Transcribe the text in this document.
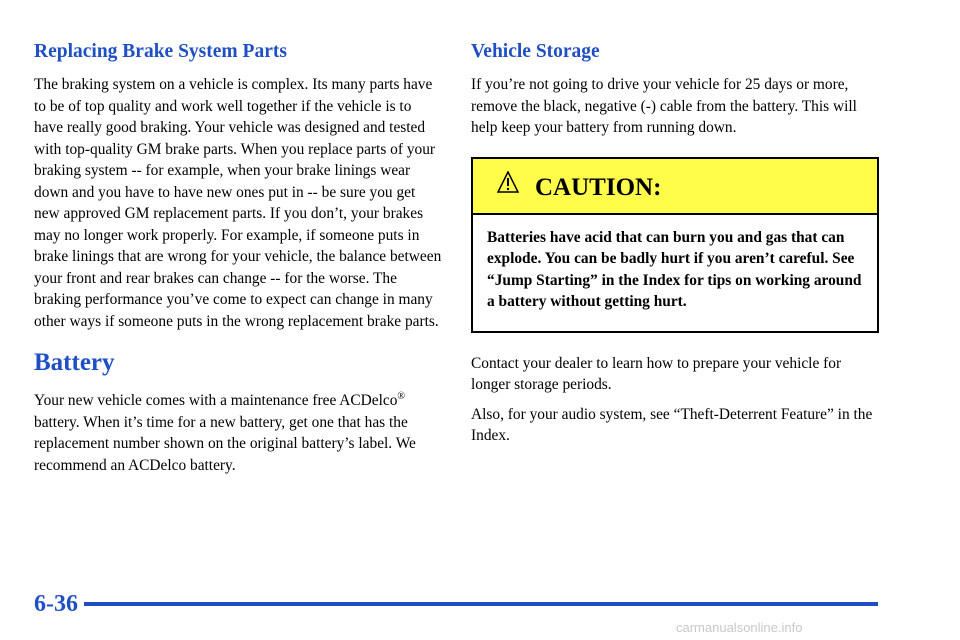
Replacing Brake System Parts

The braking system on a vehicle is complex. Its many parts have to be of top quality and work well together if the vehicle is to have really good braking. Your vehicle was designed and tested with top-quality GM brake parts. When you replace parts of your braking system -- for example, when your brake linings wear down and you have to have new ones put in -- be sure you get new approved GM replacement parts. If you don’t, your brakes may no longer work properly. For example, if someone puts in brake linings that are wrong for your vehicle, the balance between your front and rear brakes can change -- for the worse. The braking performance you’ve come to expect can change in many other ways if someone puts in the wrong replacement brake parts.

Battery

Your new vehicle comes with a maintenance free ACDelco® battery. When it’s time for a new battery, get one that has the replacement number shown on the original battery’s label. We recommend an ACDelco battery.

Vehicle Storage

If you’re not going to drive your vehicle for 25 days or more, remove the black, negative (-) cable from the battery. This will help keep your battery from running down.

CAUTION:
Batteries have acid that can burn you and gas that can explode. You can be badly hurt if you aren’t careful. See “Jump Starting” in the Index for tips on working around a battery without getting hurt.

Contact your dealer to learn how to prepare your vehicle for longer storage periods.

Also, for your audio system, see “Theft-Deterrent Feature” in the Index.

6-36
carmanualsonline.info
